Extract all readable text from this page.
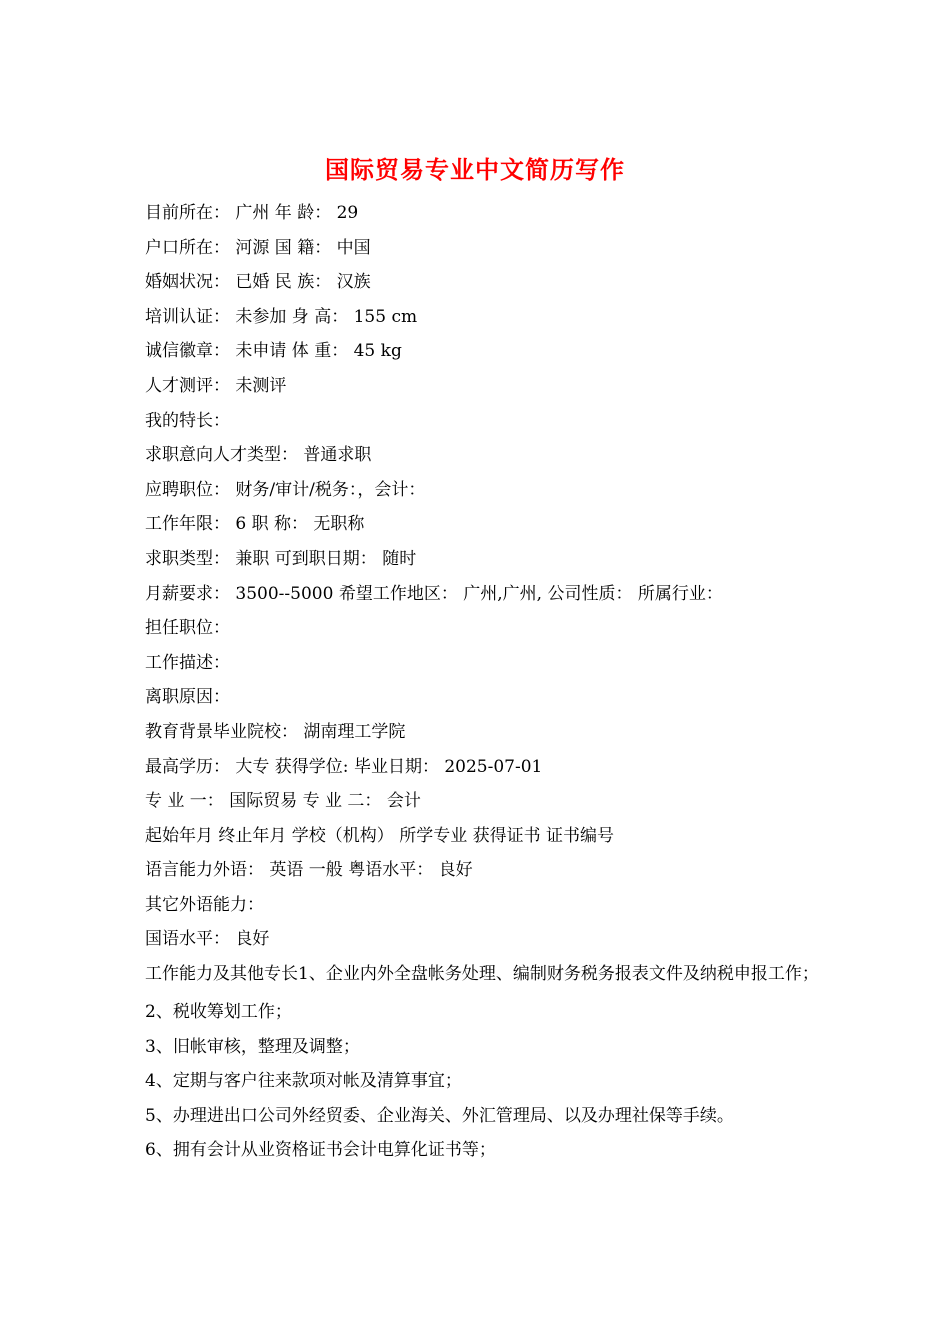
国际贸易专业中文简历写作
目前所在： 广州 年 龄： 29
户口所在： 河源 国 籍： 中国
婚姻状况： 已婚 民 族： 汉族
培训认证： 未参加 身 高： 155 cm
诚信徽章： 未申请 体 重： 45 kg
人才测评： 未测评
我的特长：
求职意向人才类型： 普通求职
应聘职位： 财务/审计/税务：，会计：
工作年限： 6 职 称： 无职称
求职类型： 兼职 可到职日期： 随时
月薪要求： 3500--5000 希望工作地区： 广州,广州, 公司性质： 所属行业：
担任职位：
工作描述：
离职原因：
教育背景毕业院校： 湖南理工学院
最高学历： 大专 获得学位: 毕业日期： 2025-07-01
专 业 一： 国际贸易 专 业 二： 会计
起始年月 终止年月 学校（机构） 所学专业 获得证书 证书编号
语言能力外语： 英语 一般 粤语水平： 良好
其它外语能力：
国语水平： 良好
工作能力及其他专长1、企业内外全盘帐务处理、编制财务税务报表文件及纳税申报工作；
2、税收筹划工作；
3、旧帐审核，整理及调整；
4、定期与客户往来款项对帐及清算事宜；
5、办理进出口公司外经贸委、企业海关、外汇管理局、以及办理社保等手续。
6、拥有会计从业资格证书会计电算化证书等；
